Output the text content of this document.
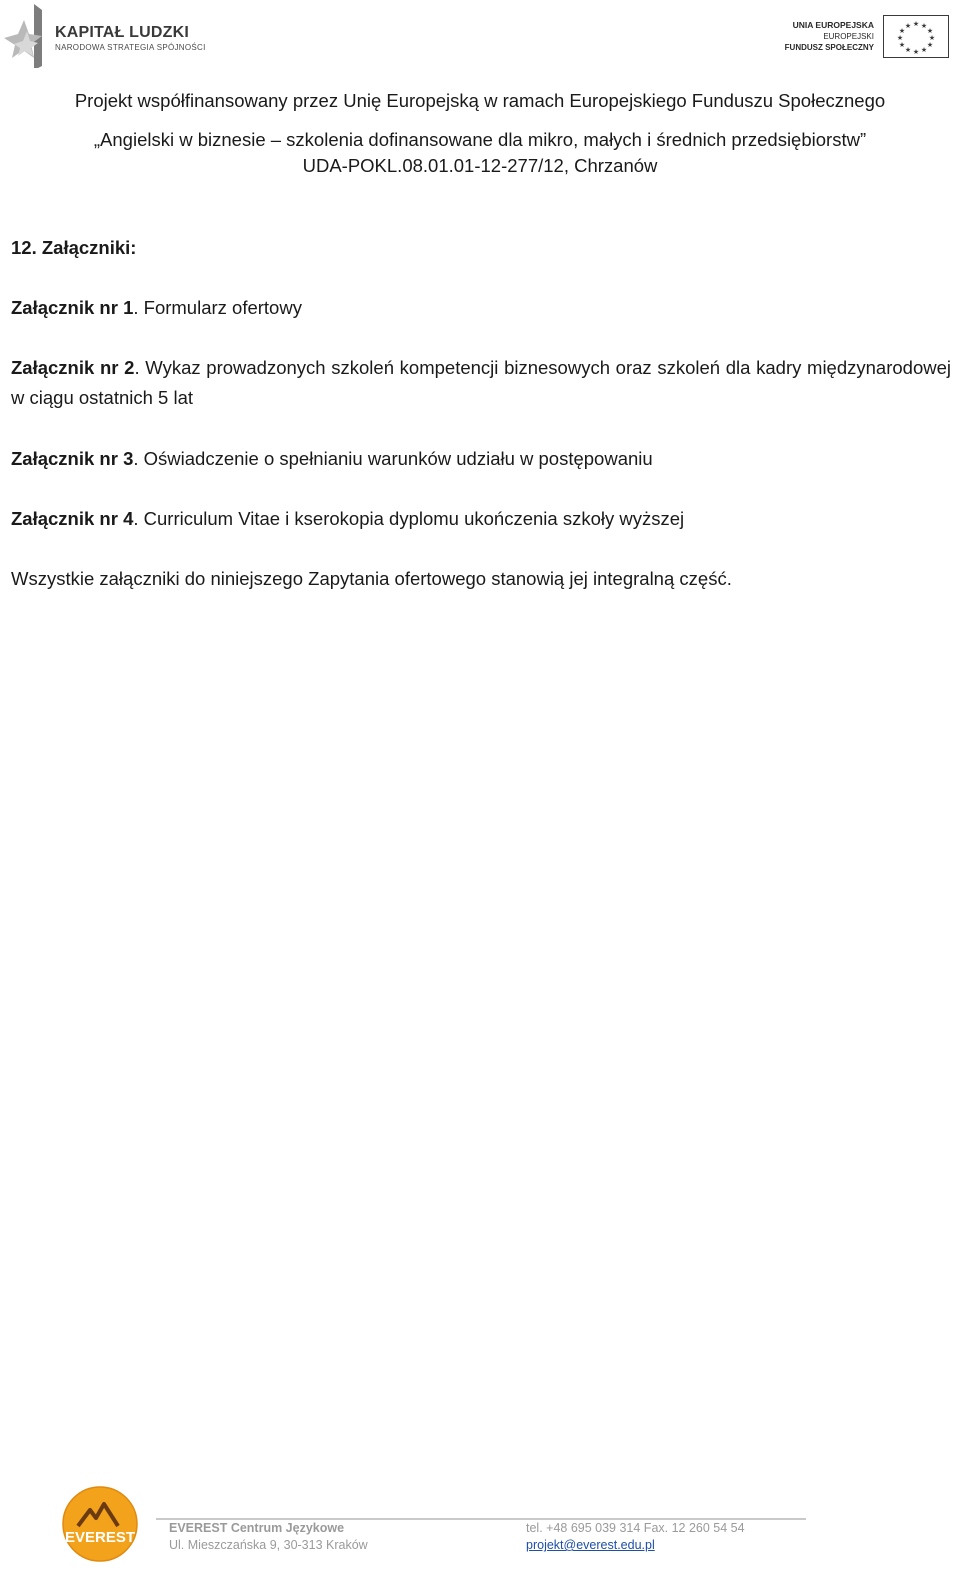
KAPITAŁ LUDZKI
NARODOWA STRATEGIA SPÓJNOŚCI
UNIA EUROPEJSKA
EUROPEJSKI
FUNDUSZ SPOŁECZNY
★ ★
★
★
★
★
★
★
★
★
★
★
Projekt współfinansowany przez Unię Europejską w ramach Europejskiego Funduszu Społecznego
„Angielski w biznesie – szkolenia dofinansowane dla mikro, małych i średnich przedsiębiorstw”
UDA-POKL.08.01.01-12-277/12, Chrzanów
12. Załączniki:
Załącznik nr 1. Formularz ofertowy
Załącznik nr 2. Wykaz prowadzonych szkoleń kompetencji biznesowych oraz szkoleń dla kadry międzynarodowej w ciągu ostatnich 5 lat
Załącznik nr 3. Oświadczenie o spełnianiu warunków udziału w postępowaniu
Załącznik nr 4. Curriculum Vitae i kserokopia dyplomu ukończenia szkoły wyższej
Wszystkie załączniki do niniejszego Zapytania ofertowego stanowią jej integralną część.
EVEREST
EVEREST Centrum Językowe
Ul. Mieszczańska 9, 30-313 Kraków
tel. +48 695 039 314 Fax. 12 260 54 54
projekt@everest.edu.pl
